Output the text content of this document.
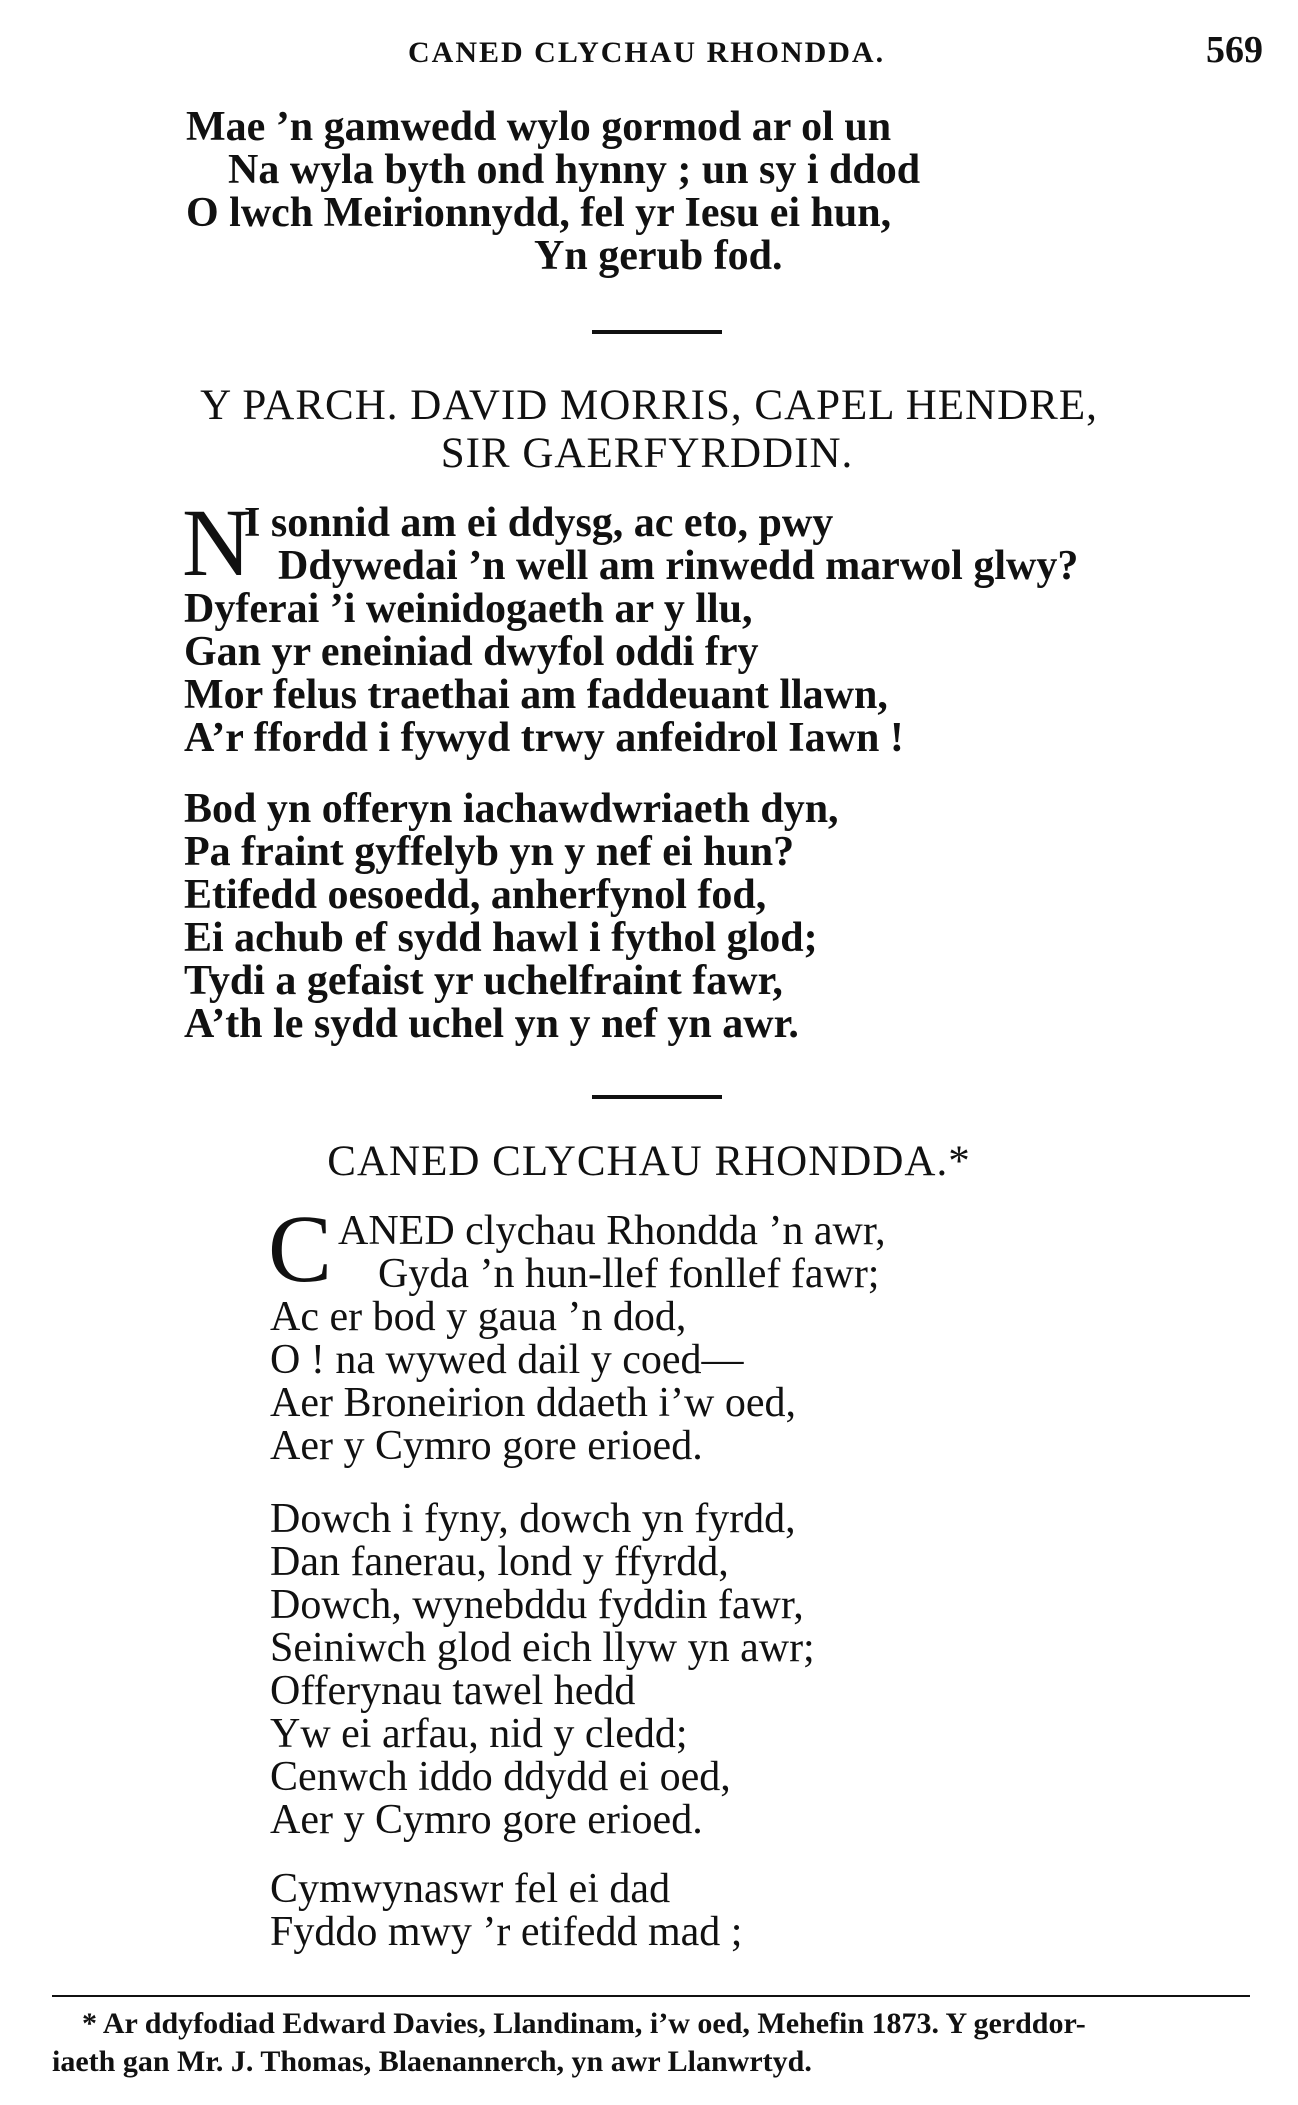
CANED CLYCHAU RHONDDA.	569
Mae ’n gamwedd wylo gormod ar ol un
Na wyla byth ond hynny ; un sy i ddod
O lwch Meirionnydd, fel yr Iesu ei hun,
Yn gerub fod.
Y PARCH. DAVID MORRIS, CAPEL HENDRE,
SIR GAERFYRDDIN.
N
I sonnid am ei ddysg, ac eto, pwy
Ddywedai ’n well am rinwedd marwol glwy?
Dyferai ’i weinidogaeth ar y llu,
Gan yr eneiniad dwyfol oddi fry
Mor felus traethai am faddeuant llawn,
A’r ffordd i fywyd trwy anfeidrol Iawn !
Bod yn offeryn iachawdwriaeth dyn,
Pa fraint gyffelyb yn y nef ei hun?
Etifedd oesoedd, anherfynol fod,
Ei achub ef sydd hawl i fythol glod;
Tydi a gefaist yr uchelfraint fawr,
A’th le sydd uchel yn y nef yn awr.
CANED CLYCHAU RHONDDA.*
C ANED clychau Rhondda ’n awr,
Gyda ’n hun-llef fonllef fawr;
Ac er bod y gaua ’n dod,
O ! na wywed dail y coed—
Aer Broneirion ddaeth i’w oed,
Aer y Cymro gore erioed.
Dowch i fyny, dowch yn fyrdd,
Dan fanerau, lond y ffyrdd,
Dowch, wynebddu fyddin fawr,
Seiniwch glod eich llyw yn awr;
Offerynau tawel hedd
Yw ei arfau, nid y cledd;
Cenwch iddo ddydd ei oed,
Aer y Cymro gore erioed.
Cymwynaswr fel ei dad
Fyddo mwy ’r etifedd mad ;
* Ar ddyfodiad Edward Davies, Llandinam, i’w oed, Mehefin 1873. Y gerddor-
iaeth gan Mr. J. Thomas, Blaenannerch, yn awr Llanwrtyd.
